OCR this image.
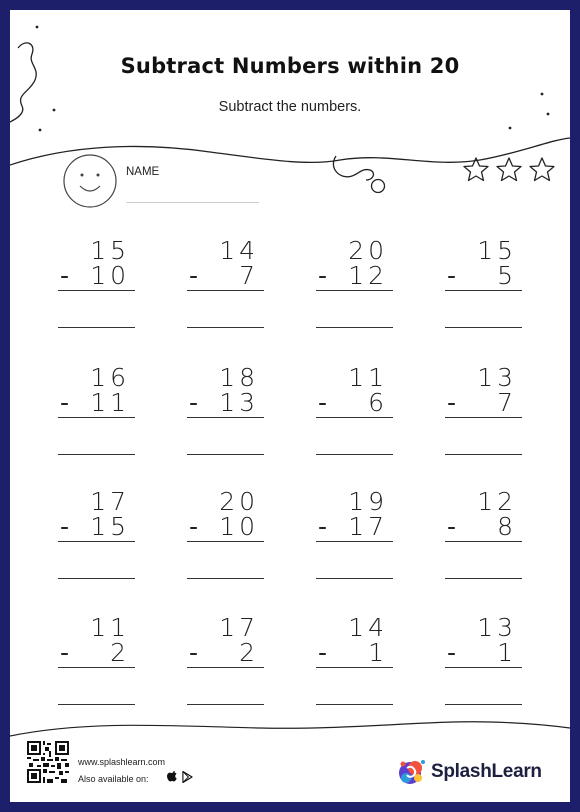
Subtract Numbers within 20
Subtract the numbers.
NAME
15
- 10
14
- 7
20
- 12
15
- 5
16
- 11
18
- 13
11
- 6
13
- 7
17
- 15
20
- 10
19
- 17
12
- 8
11
- 2
17
- 2
14
- 1
13
- 1
www.splashlearn.com
Also available on:	SplashLearn
